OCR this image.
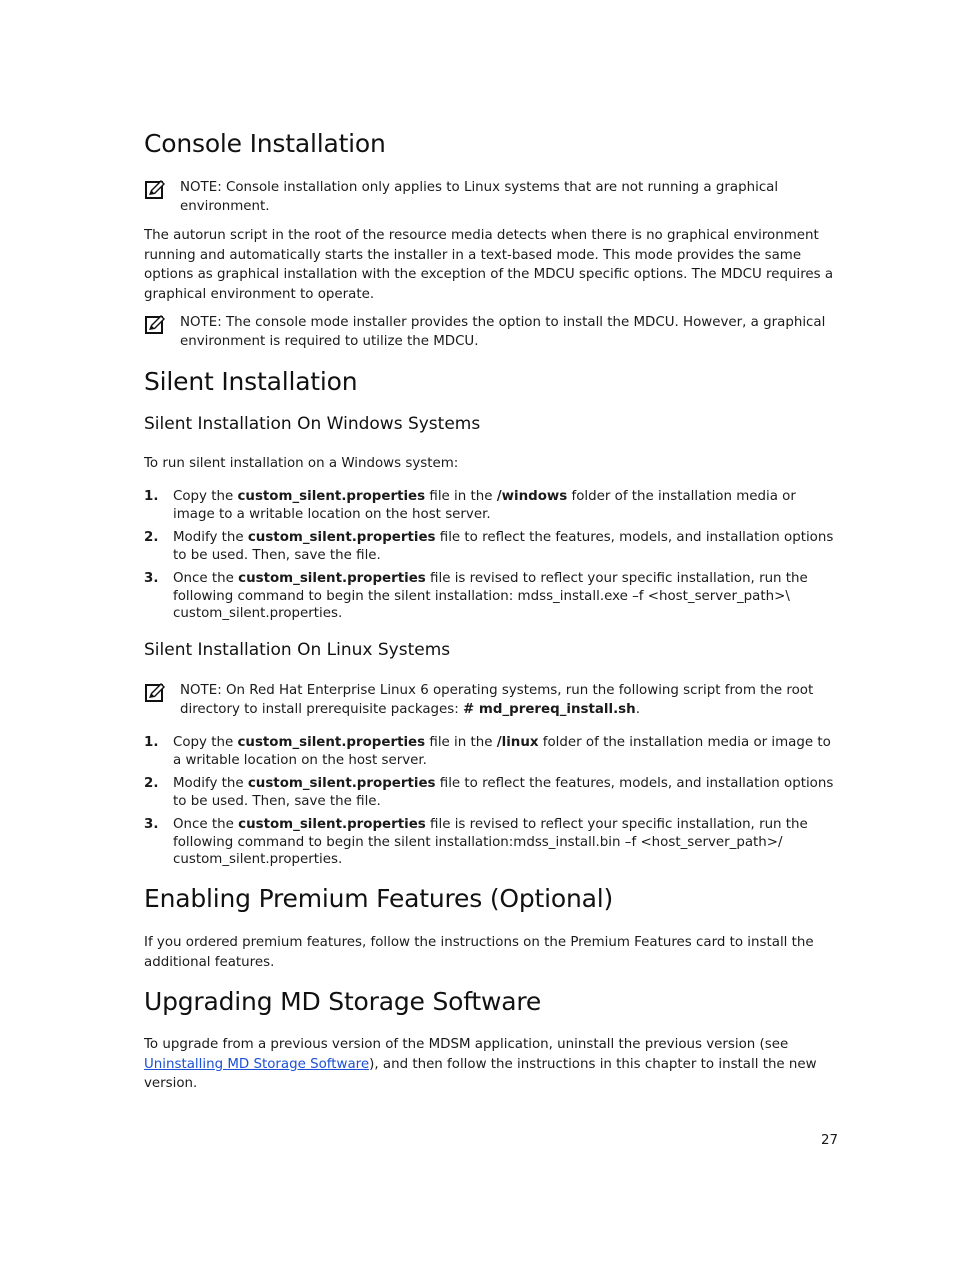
Console Installation
NOTE: Console installation only applies to Linux systems that are not running a graphical environment.

The autorun script in the root of the resource media detects when there is no graphical environment running and automatically starts the installer in a text-based mode. This mode provides the same options as graphical installation with the exception of the MDCU specific options. The MDCU requires a graphical environment to operate.

NOTE: The console mode installer provides the option to install the MDCU. However, a graphical environment is required to utilize the MDCU.
Silent Installation
Silent Installation On Windows Systems

To run silent installation on a Windows system:

1. Copy the custom_silent.properties file in the /windows folder of the installation media or image to a writable location on the host server.
2. Modify the custom_silent.properties file to reflect the features, models, and installation options to be used. Then, save the file.
3. Once the custom_silent.properties file is revised to reflect your specific installation, run the following command to begin the silent installation: mdss_install.exe –f <host_server_path>\ custom_silent.properties.
Silent Installation On Linux Systems
NOTE: On Red Hat Enterprise Linux 6 operating systems, run the following script from the root directory to install prerequisite packages: # md_prereq_install.sh.
1. Copy the custom_silent.properties file in the /linux folder of the installation media or image to a writable location on the host server.
2. Modify the custom_silent.properties file to reflect the features, models, and installation options to be used. Then, save the file.
3. Once the custom_silent.properties file is revised to reflect your specific installation, run the following command to begin the silent installation:mdss_install.bin –f <host_server_path>/ custom_silent.properties.
Enabling Premium Features (Optional)

If you ordered premium features, follow the instructions on the Premium Features card to install the additional features.

Upgrading MD Storage Software

To upgrade from a previous version of the MDSM application, uninstall the previous version (see Uninstalling MD Storage Software), and then follow the instructions in this chapter to install the new version.

27
